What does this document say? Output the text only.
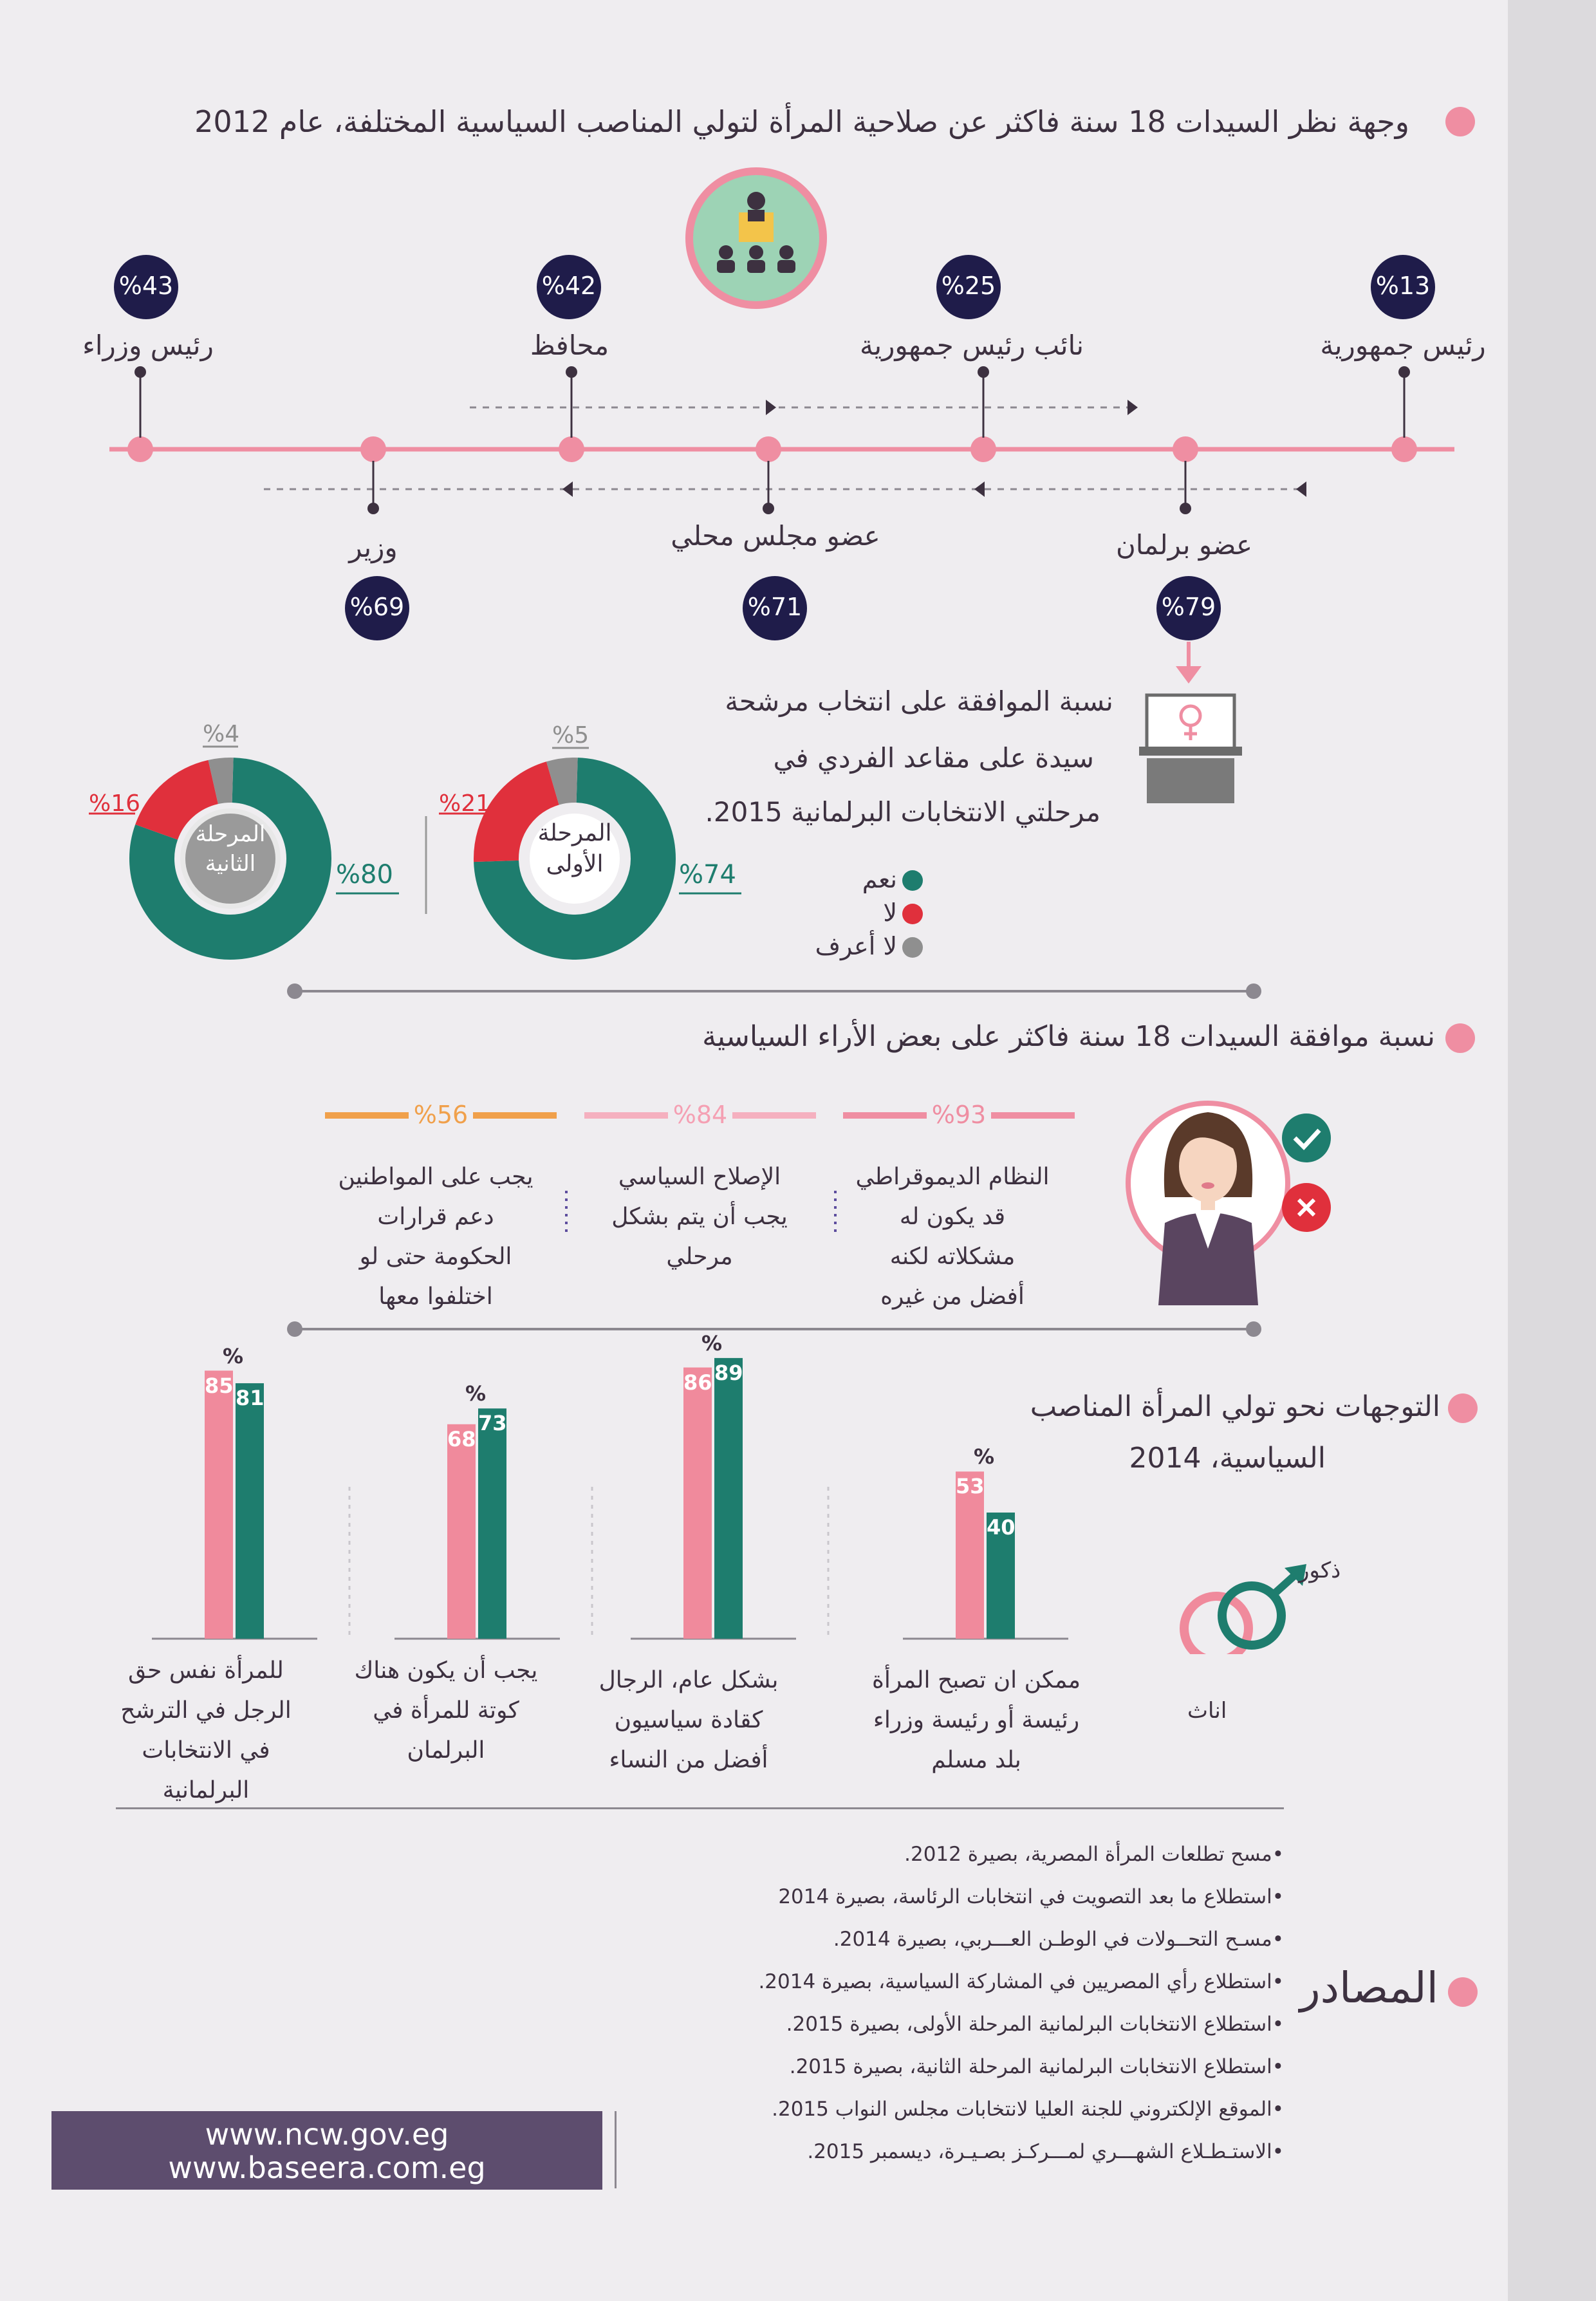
وجهة نظر السيدات 18 سنة فاكثر عن صلاحية المرأة لتولي المناصب السياسية المختلفة، عام 2012
رئيس جمهورية
نائب رئيس جمهورية
محافظ
رئيس وزراء
عضو برلمان
عضو مجلس محلي
وزير
%13
%25
%42
%43
%79
%71
%69
نسبة الموافقة على انتخاب مرشحة
سيدة على مقاعد الفردي في
مرحلتي الانتخابات البرلمانية 2015.
نعم
لا
لا أعرف
المرحلة
الأولى
المرحلة
الثانية	%74
%21
%5
%80
%16
%4
نسبة موافقة السيدات 18 سنة فاكثر على بعض الأراء السياسية
%93
%84
%56
النظام الديموقراطي
قد يكون له
مشكلاته لكنه
أفضل من غيره
الإصلاح السياسي
يجب أن يتم بشكل
مرحلي
يجب على المواطنين
دعم قرارات
الحكومة حتى لو
اختلفوا معها
التوجهات نحو تولي المرأة المناصب
السياسية، 2014
ذكور
اناث
53
40
%
86 89
%
68
73
%
85
81
%
ممكن ان تصبح المرأة
رئيسة أو رئيسة وزراء
بلد مسلم
بشكل عام، الرجال
كقادة سياسيون
أفضل من النساء
يجب أن يكون هناك
كوتة للمرأة في
البرلمان
للمرأة نفس حق
الرجل في الترشح
في الانتخابات
البرلمانية
المصادر
•مسح تطلعات المرأة المصرية، بصيرة 2012.
•استطلاع ما بعد التصويت في انتخابات الرئاسة، بصيرة 2014
•مسـح التحــولات في الوطـن العـــربي، بصيرة 2014.
•استطلاع رأي المصريين في المشاركة السياسية، بصيرة 2014.
•استطلاع الانتخابات البرلمانية المرحلة الأولى، بصيرة 2015.
•استطلاع الانتخابات البرلمانية المرحلة الثانية، بصيرة 2015.
•الموقع الإلكتروني للجنة العليا لانتخابات مجلس النواب 2015.
•الاستـطـلاع الشهـــري لمـــركـز بصـيـرة، ديسمبر 2015.
www.ncw.gov.eg
www.baseera.com.eg
